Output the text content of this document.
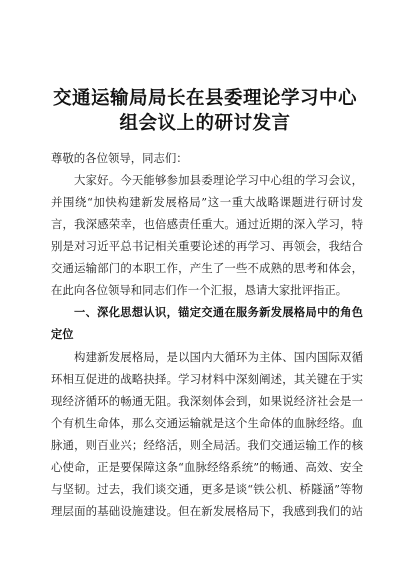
交通运输局局长在县委理论学习中心
组会议上的研讨发言
尊敬的各位领导，同志们：
大家好。今天能够参加县委理论学习中心组的学习会议，
并围绕“加快构建新发展格局”这一重大战略课题进行研讨发
言，我深感荣幸，也倍感责任重大。通过近期的深入学习，特
别是对习近平总书记相关重要论述的再学习、再领会，我结合
交通运输部门的本职工作，产生了一些不成熟的思考和体会，
在此向各位领导和同志们作一个汇报，恳请大家批评指正。
一、深化思想认识，锚定交通在服务新发展格局中的角色
定位
构建新发展格局，是以国内大循环为主体、国内国际双循
环相互促进的战略抉择。学习材料中深刻阐述，其关键在于实
现经济循环的畅通无阻。我深刻体会到，如果说经济社会是一
个有机生命体，那么交通运输就是这个生命体的血脉经络。血
脉通，则百业兴；经络活，则全局活。我们交通运输工作的核
心使命，正是要保障这条“血脉经络系统”的畅通、高效、安全
与坚韧。过去，我们谈交通，更多是谈“铁公机、桥隧涵”等物
理层面的基础设施建设。但在新发展格局下，我感到我们的站
